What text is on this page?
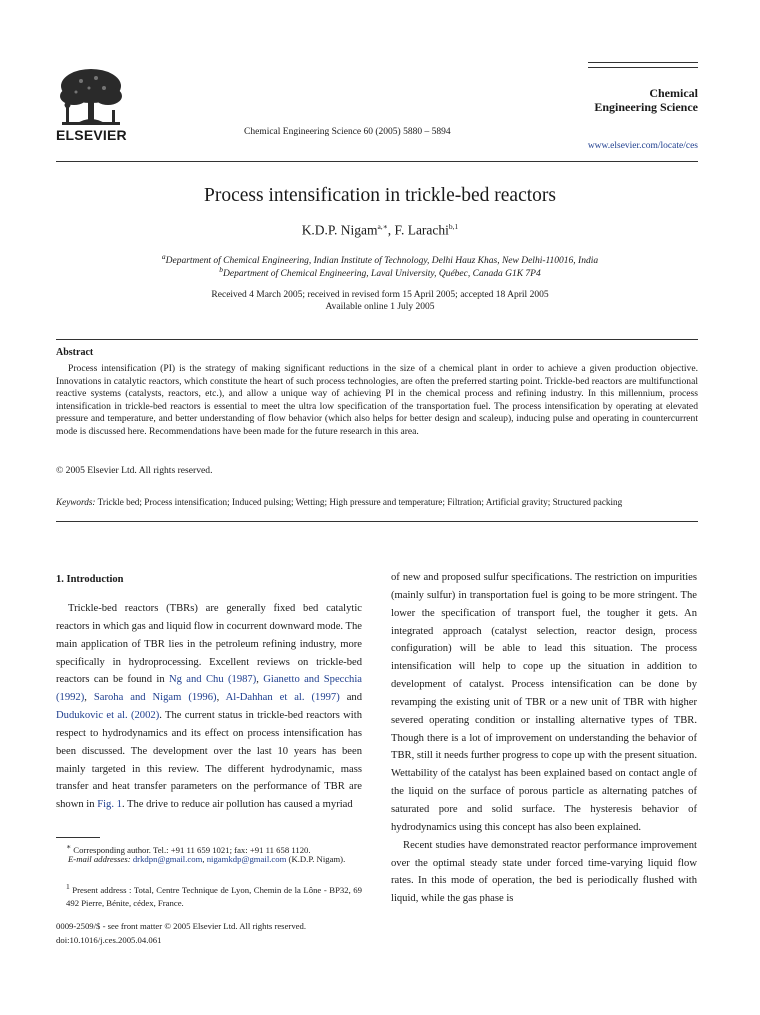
ELSEVIER	Chemical Engineering Science 60 (2005) 5880 – 5894
Chemical
Engineering Science
www.elsevier.com/locate/ces
Process intensification in trickle-bed reactors
K.D.P. Nigam$^{a,∗}$, F. Larachi$^{b,1}$
$^a$Department of Chemical Engineering, Indian Institute of Technology, Delhi Hauz Khas, New Delhi-110016, India
$^b$Department of Chemical Engineering, Laval University, Québec, Canada G1K 7P4
Received 4 March 2005; received in revised form 15 April 2005; accepted 18 April 2005
Available online 1 July 2005
Abstract
Process intensification (PI) is the strategy of making significant reductions in the size of a chemical plant in order to achieve a given production objective. Innovations in catalytic reactors, which constitute the heart of such process technologies, are often the preferred starting point. Trickle-bed reactors are multifunctional reactive systems (catalysts, reactors, etc.), and allow a unique way of achieving PI in the chemical process and refining industry. In this millennium, process intensification in trickle-bed reactors is essential to meet the ultra low specification of the transportation fuel. The process intensification by operating at elevated pressure and temperature, and better understanding of flow behavior (which also helps for better design and scaleup), inducing pulse and operating in countercurrent mode is discussed here. Recommendations have been made for the future research in this area.
© 2005 Elsevier Ltd. All rights reserved.
Keywords: Trickle bed; Process intensification; Induced pulsing; Wetting; High pressure and temperature; Filtration; Artificial gravity; Structured packing
1. Introduction
Trickle-bed reactors (TBRs) are generally fixed bed catalytic reactors in which gas and liquid flow in cocurrent downward mode. The main application of TBR lies in the petroleum refining industry, more specifically in hydroprocessing. Excellent reviews on trickle-bed reactors can be found in Ng and Chu (1987), Gianetto and Specchia (1992), Saroha and Nigam (1996), Al-Dahhan et al. (1997) and Dudukovic et al. (2002). The current status in trickle-bed reactors with respect to hydrodynamics and its effect on process intensification has been discussed. The development over the last 10 years has been mainly targeted in this review. The different hydrodynamic, mass transfer and heat transfer parameters on the performance of TBR are shown in Fig. 1. The drive to reduce air pollution has caused a myriad

of new and proposed sulfur specifications. The restriction on impurities (mainly sulfur) in transportation fuel is going to be more stringent. The lower the specification of transport fuel, the tougher it gets. An integrated approach (catalyst selection, reactor design, process configuration) will be able to lead this situation. The process intensification will help to cope up the situation in addition to development of catalyst. Process intensification can be done by revamping the existing unit of TBR or a new unit of TBR with higher severed operating condition or installing alternative types of TBR. Though there is a lot of improvement on understanding the behavior of TBR, still it needs further progress to cope up with the present situation. Wettability of the catalyst has been explained based on contact angle of the liquid on the surface of porous particle as alternating patches of saturated pore and solid surface. The hysteresis behavior of hydrodynamics using this concept has also been explained.

Recent studies have demonstrated reactor performance improvement over the optimal steady state under forced time-varying liquid flow rates. In this mode of operation, the bed is periodically flushed with liquid, while the gas phase is

∗ Corresponding author. Tel.: +91 11 659 1021; fax: +91 11 658 1120.
E-mail addresses: drkdpn@gmail.com, nigamkdp@gmail.com (K.D.P. Nigam).
$^1$ Present address : Total, Centre Technique de Lyon, Chemin de la Lône - BP32, 69 492 Pierre, Bénite, cédex, France.
0009-2509/$ - see front matter © 2005 Elsevier Ltd. All rights reserved.
doi:10.1016/j.ces.2005.04.061
